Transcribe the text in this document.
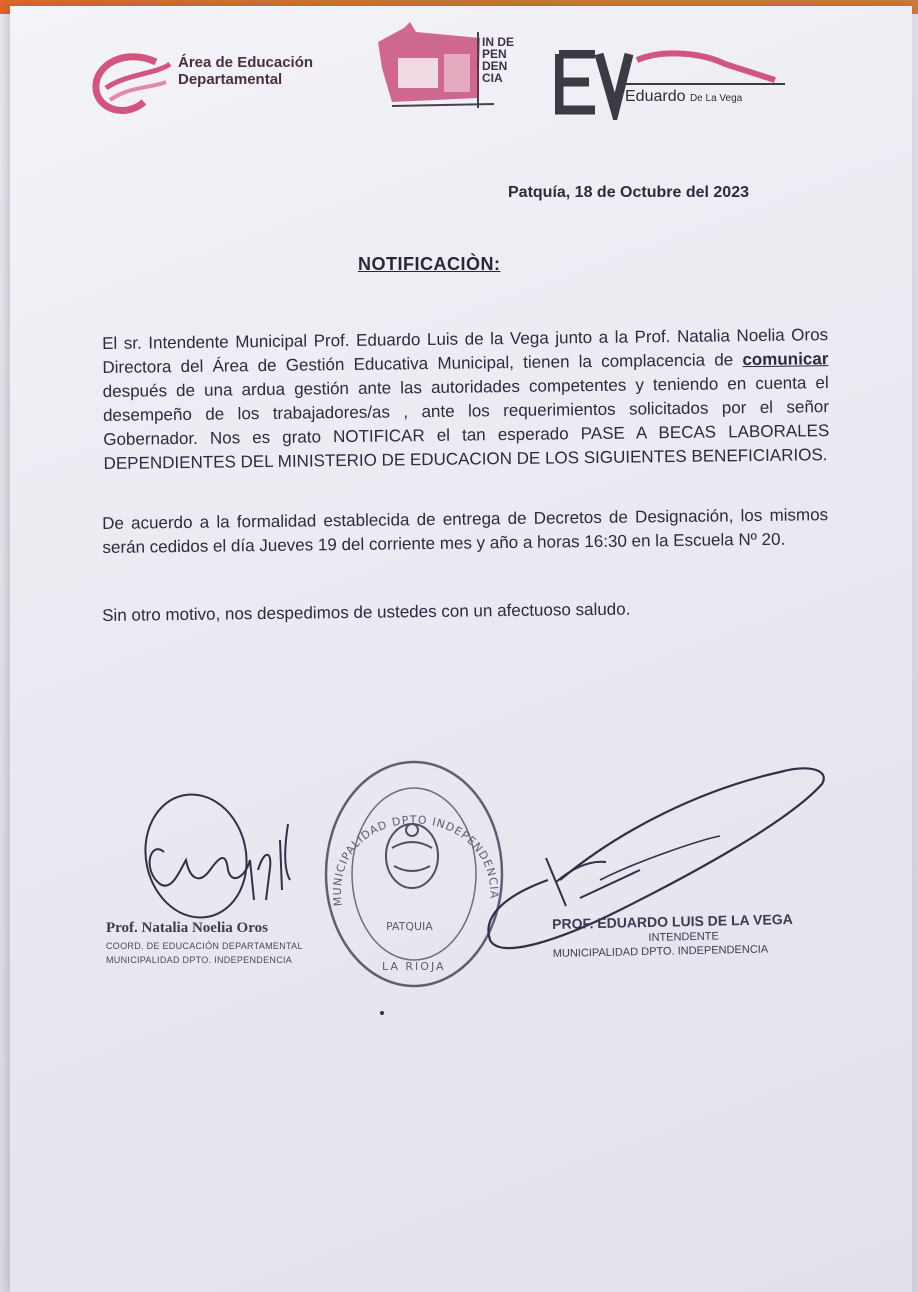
Área de Educación
Departamental
IN DE PEN DEN CIA
Eduardo De La Vega
Patquía, 18 de Octubre del 2023
NOTIFICACIÒN:
El sr. Intendente Municipal Prof. Eduardo Luis de la Vega junto a la Prof. Natalia Noelia Oros Directora del Área de Gestión Educativa Municipal, tienen la complacencia de comunicar después de una ardua gestión ante las autoridades competentes y teniendo en cuenta el desempeño de los trabajadores/as , ante los requerimientos solicitados por el señor Gobernador. Nos es grato NOTIFICAR el tan esperado PASE A BECAS LABORALES DEPENDIENTES DEL MINISTERIO DE EDUCACION DE LOS SIGUIENTES BENEFICIARIOS.
De acuerdo a la formalidad establecida de entrega de Decretos de Designación, los mismos serán cedidos el día Jueves 19 del corriente mes y año a horas 16:30 en la Escuela Nº 20.
Sin otro motivo, nos despedimos de ustedes con un afectuoso saludo.
MUNICIPALIDAD DPTO INDEPENDENCIA
PATQUIA
LA RIOJA
Prof. Natalia Noelia Oros
COORD. DE EDUCACIÓN DEPARTAMENTAL
MUNICIPALIDAD DPTO. INDEPENDENCIA
PROF. EDUARDO LUIS DE LA VEGA
INTENDENTE
MUNICIPALIDAD DPTO. INDEPENDENCIA
